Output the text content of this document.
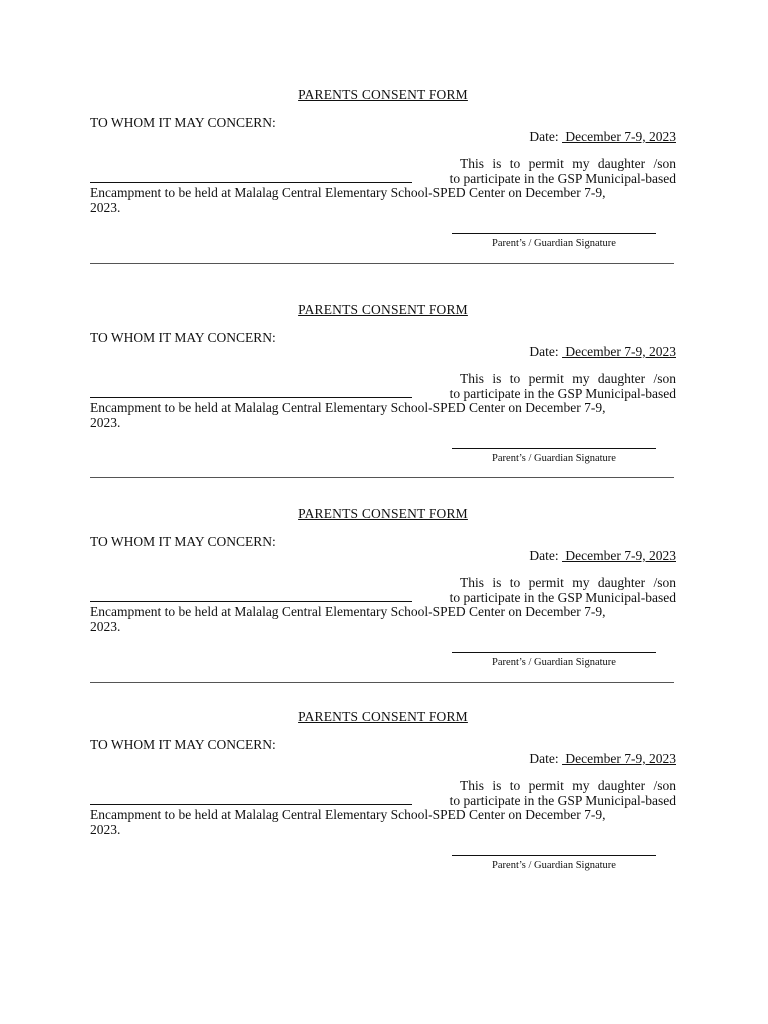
PARENTS CONSENT FORM
TO WHOM IT MAY CONCERN:
Date:  December 7-9, 2023
This is to permit my daughter /son
to participate in the GSP Municipal-based
Encampment to be held at Malalag Central Elementary School-SPED Center on December 7-9,
2023.
Parent’s / Guardian Signature
PARENTS CONSENT FORM
TO WHOM IT MAY CONCERN:
Date:  December 7-9, 2023
This is to permit my daughter /son
to participate in the GSP Municipal-based
Encampment to be held at Malalag Central Elementary School-SPED Center on December 7-9,
2023.
Parent’s / Guardian Signature
PARENTS CONSENT FORM
TO WHOM IT MAY CONCERN:
Date:  December 7-9, 2023
This is to permit my daughter /son
to participate in the GSP Municipal-based
Encampment to be held at Malalag Central Elementary School-SPED Center on December 7-9,
2023.
Parent’s / Guardian Signature
PARENTS CONSENT FORM
TO WHOM IT MAY CONCERN:
Date:  December 7-9, 2023
This is to permit my daughter /son
to participate in the GSP Municipal-based
Encampment to be held at Malalag Central Elementary School-SPED Center on December 7-9,
2023.
Parent’s / Guardian Signature
